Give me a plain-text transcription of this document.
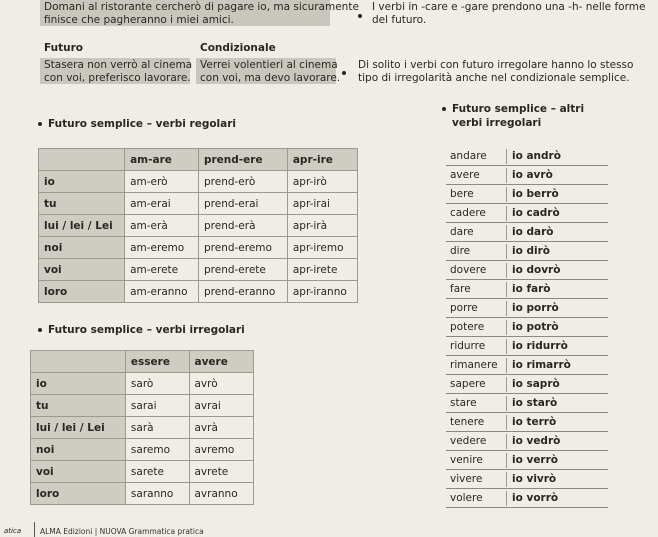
Domani al ristorante cercherò di pagare io, ma sicuramente
finisce che pagheranno i miei amici.
I verbi in -care e -gare prendono una -h- nelle forme
del futuro.
Futuro	Condizionale
Stasera non verrò al cinema
con voi, preferisco lavorare.
Verrei volentieri al cinema
con voi, ma devo lavorare.
Di solito i verbi con futuro irregolare hanno lo stesso
tipo di irregolarità anche nel condizionale semplice.
Futuro semplice – verbi regolari
	am-are	prend-ere	apr-ire
io	am-erò	prend-erò	apr-irò
tu	am-erai	prend-erai	apr-irai
lui / lei / Lei	am-erà	prend-erà	apr-irà
noi	am-eremo	prend-eremo	apr-iremo
voi	am-erete	prend-erete	apr-irete
loro	am-eranno	prend-eranno	apr-iranno
Futuro semplice – verbi irregolari
	essere	avere
io	sarò	avrò
tu	sarai	avrai
lui / lei / Lei	sarà	avrà
noi	saremo	avremo
voi	sarete	avrete
loro	saranno	avranno
Futuro semplice – altri
verbi irregolari
andare io andrò
avere	io avrò
bere	io berrò
cadere io cadrò
dare	io darò
dire	io dirò
dovere io dovrò
fare	io farò
porre	io porrò
potere	io potrò
ridurre	io ridurrò
rimanere io rimarrò
sapere	io saprò
stare	io starò
tenere	io terrò
vedere io vedrò
venire	io verrò
vivere	io vivrò
volere	io vorrò
atica	ALMA Edizioni | NUOVA Grammatica pratica
